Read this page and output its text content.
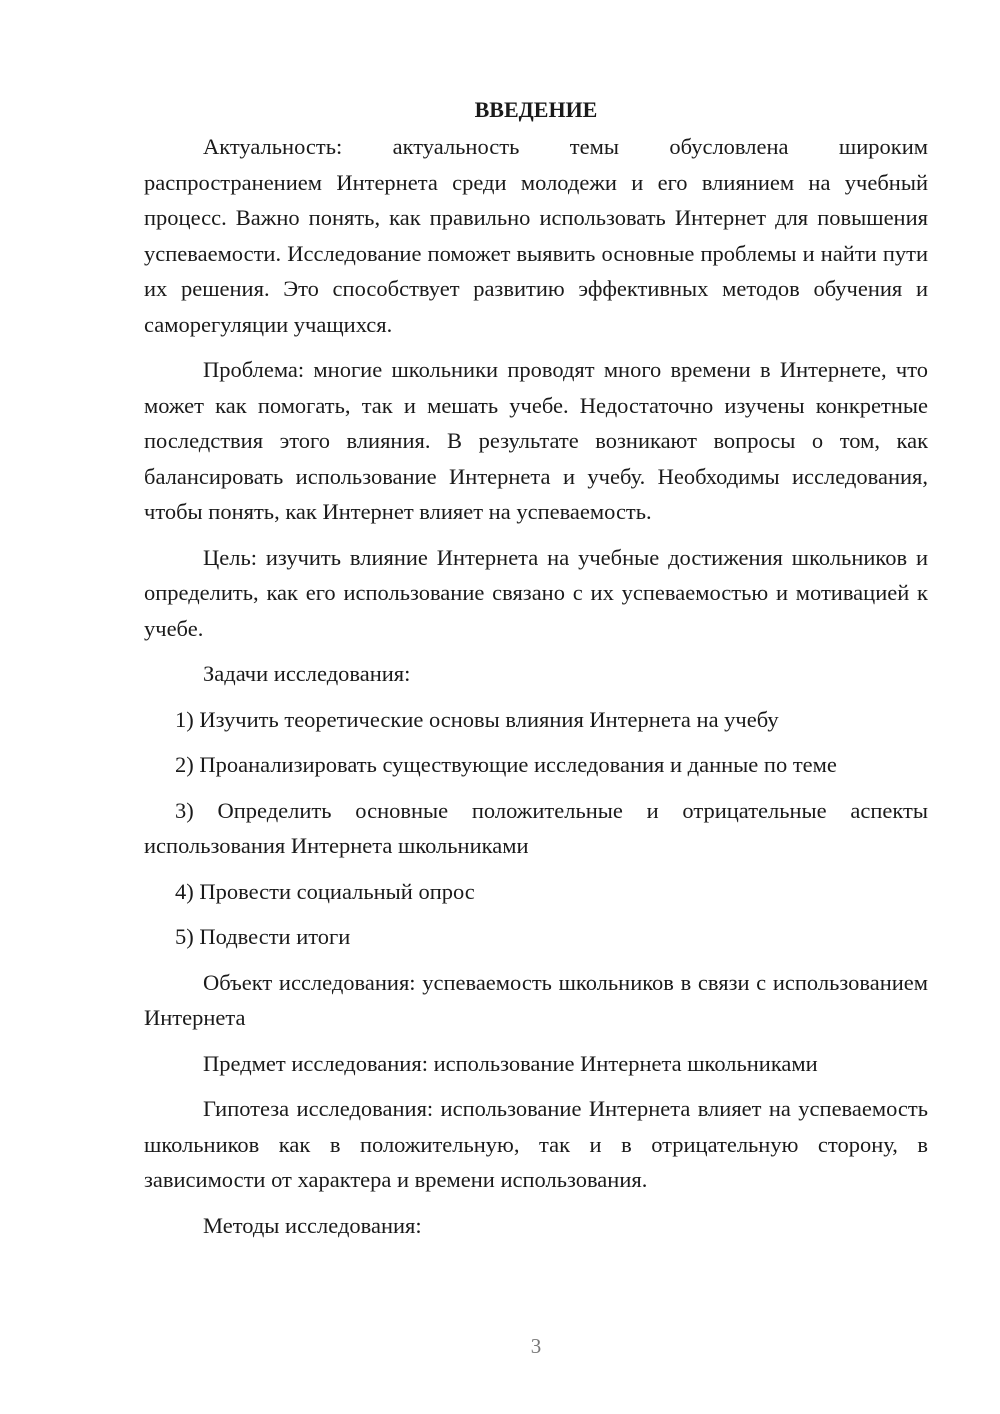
ВВЕДЕНИЕ

Актуальность: актуальность темы обусловлена широким распространением Интернета среди молодежи и его влиянием на учебный процесс. Важно понять, как правильно использовать Интернет для повышения успеваемости. Исследование поможет выявить основные проблемы и найти пути их решения. Это способствует развитию эффективных методов обучения и саморегуляции учащихся.

Проблема: многие школьники проводят много времени в Интернете, что может как помогать, так и мешать учебе. Недостаточно изучены конкретные последствия этого влияния. В результате возникают вопросы о том, как балансировать использование Интернета и учебу. Необходимы исследования, чтобы понять, как Интернет влияет на успеваемость.

Цель: изучить влияние Интернета на учебные достижения школьников и определить, как его использование связано с их успеваемостью и мотивацией к учебе.

Задачи исследования:

1) Изучить теоретические основы влияния Интернета на учебу

2) Проанализировать существующие исследования и данные по теме

3) Определить основные положительные и отрицательные аспекты использования Интернета школьниками

4) Провести социальный опрос

5) Подвести итоги

Объект исследования: успеваемость школьников в связи с использованием Интернета

Предмет исследования: использование Интернета школьниками

Гипотеза исследования: использование Интернета влияет на успеваемость школьников как в положительную, так и в отрицательную сторону, в зависимости от характера и времени использования.

Методы исследования:

3
